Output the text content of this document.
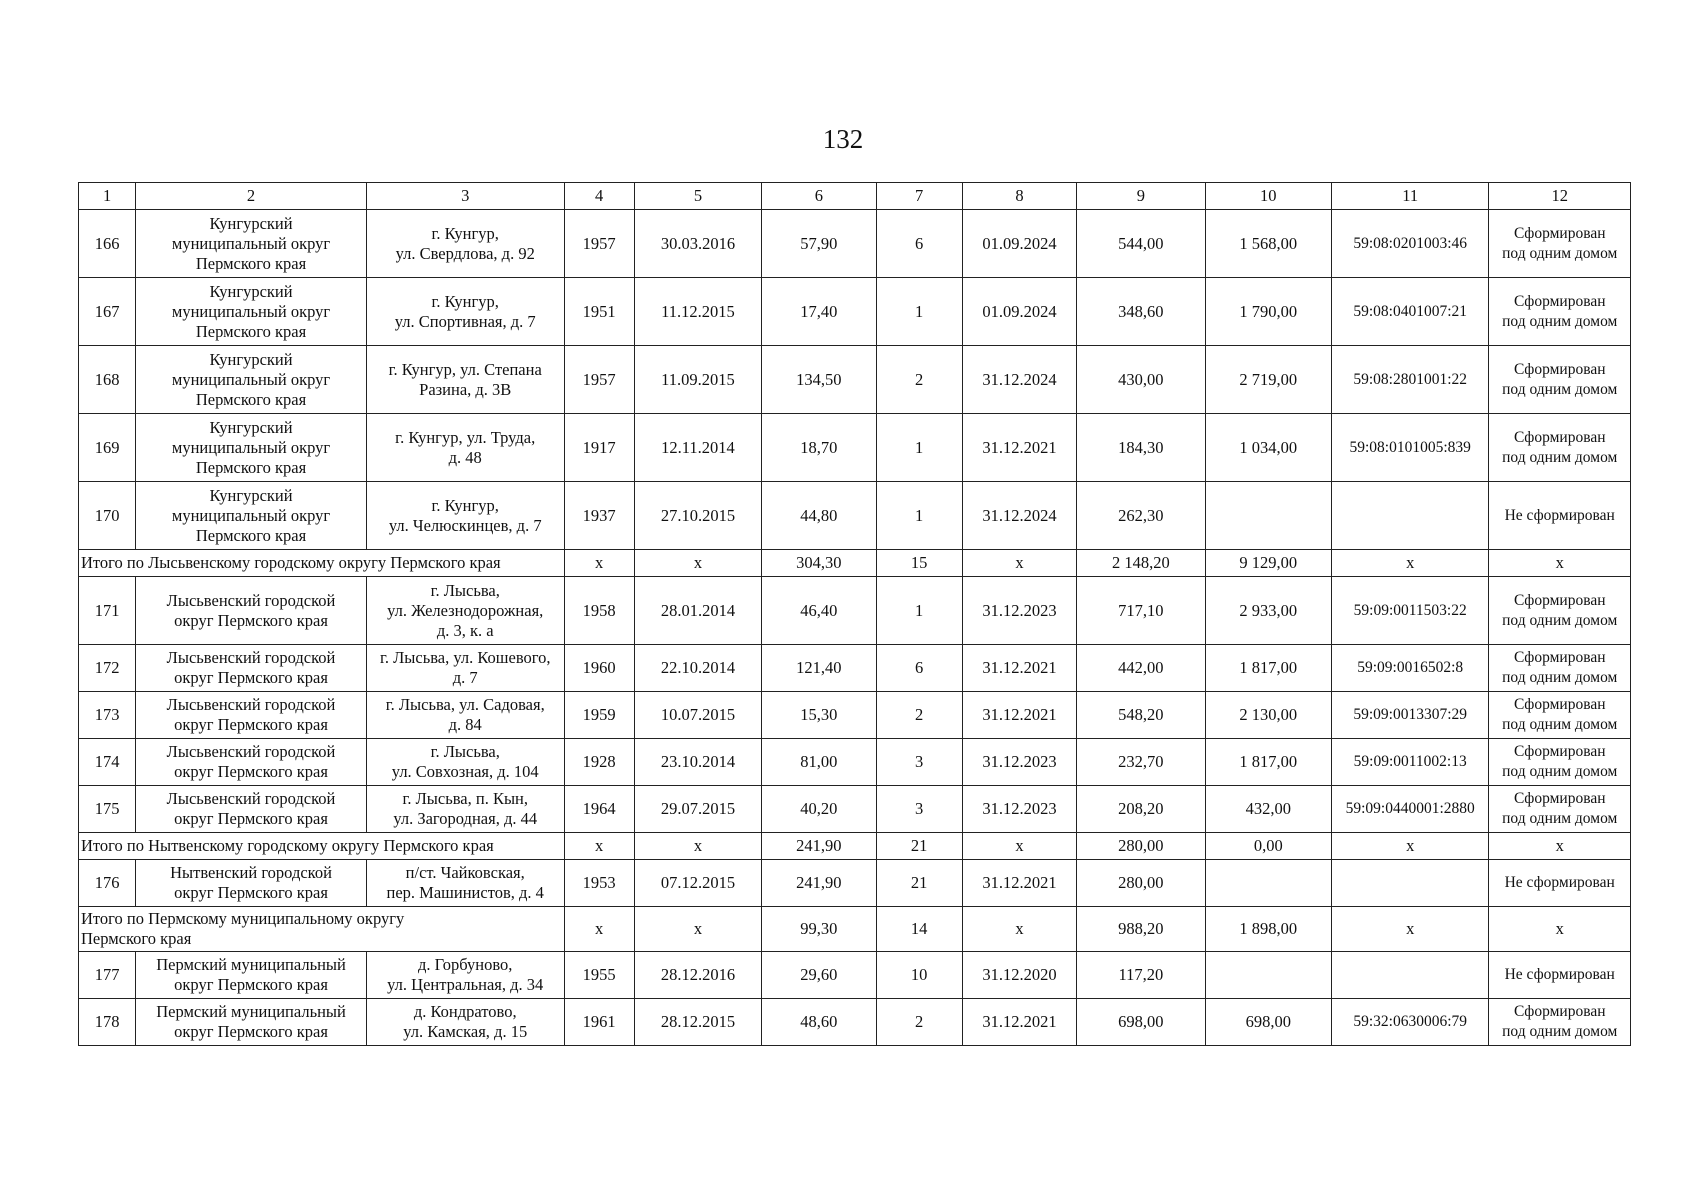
132
1	2	3	4	5	6	7	8	9	10	11	12
166	Кунгурский
муниципальный округ
Пермского края	г. Кунгур,
ул. Свердлова, д. 92	1957	30.03.2016	57,90	6	01.09.2024	544,00	1 568,00	59:08:0201003:46	Сформирован
под одним домом
167	Кунгурский
муниципальный округ
Пермского края	г. Кунгур,
ул. Спортивная, д. 7	1951	11.12.2015	17,40	1	01.09.2024	348,60	1 790,00	59:08:0401007:21	Сформирован
под одним домом
168	Кунгурский
муниципальный округ
Пермского края	г. Кунгур, ул. Степана
Разина, д. 3В	1957	11.09.2015	134,50	2	31.12.2024	430,00	2 719,00	59:08:2801001:22	Сформирован
под одним домом
169	Кунгурский
муниципальный округ
Пермского края	г. Кунгур, ул. Труда,
д. 48	1917	12.11.2014	18,70	1	31.12.2021	184,30	1 034,00	59:08:0101005:839	Сформирован
под одним домом
170	Кунгурский
муниципальный округ
Пермского края	г. Кунгур,
ул. Челюскинцев, д. 7	1937	27.10.2015	44,80	1	31.12.2024	262,30			Не сформирован
Итого по Лысьвенскому городскому округу Пермского края			х	х	304,30	15	х	2 148,20	9 129,00	х	х
171	Лысьвенский городской
округ Пермского края	г. Лысьва,
ул. Железнодорожная,
д. 3, к. а	1958	28.01.2014	46,40	1	31.12.2023	717,10	2 933,00	59:09:0011503:22	Сформирован
под одним домом
172	Лысьвенский городской
округ Пермского края	г. Лысьва, ул. Кошевого,
д. 7	1960	22.10.2014	121,40	6	31.12.2021	442,00	1 817,00	59:09:0016502:8	Сформирован
под одним домом
173	Лысьвенский городской
округ Пермского края	г. Лысьва, ул. Садовая,
д. 84	1959	10.07.2015	15,30	2	31.12.2021	548,20	2 130,00	59:09:0013307:29	Сформирован
под одним домом
174	Лысьвенский городской
округ Пермского края	г. Лысьва,
ул. Совхозная, д. 104	1928	23.10.2014	81,00	3	31.12.2023	232,70	1 817,00	59:09:0011002:13	Сформирован
под одним домом
175	Лысьвенский городской
округ Пермского края	г. Лысьва, п. Кын,
ул. Загородная, д. 44	1964	29.07.2015	40,20	3	31.12.2023	208,20	432,00	59:09:0440001:2880	Сформирован
под одним домом
Итого по Нытвенскому городскому округу Пермского края			х	х	241,90	21	х	280,00	0,00	х	х
176	Нытвенский городской
округ Пермского края	п/ст. Чайковская,
пер. Машинистов, д. 4	1953	07.12.2015	241,90	21	31.12.2021	280,00			Не сформирован
Итого по Пермскому муниципальному округу
Пермского края			х	х	99,30	14	х	988,20	1 898,00	х	х
177	Пермский муниципальный
округ Пермского края	д. Горбуново,
ул. Центральная, д. 34	1955	28.12.2016	29,60	10	31.12.2020	117,20			Не сформирован
178	Пермский муниципальный
округ Пермского края	д. Кондратово,
ул. Камская, д. 15	1961	28.12.2015	48,60	2	31.12.2021	698,00	698,00	59:32:0630006:79	Сформирован
под одним домом
